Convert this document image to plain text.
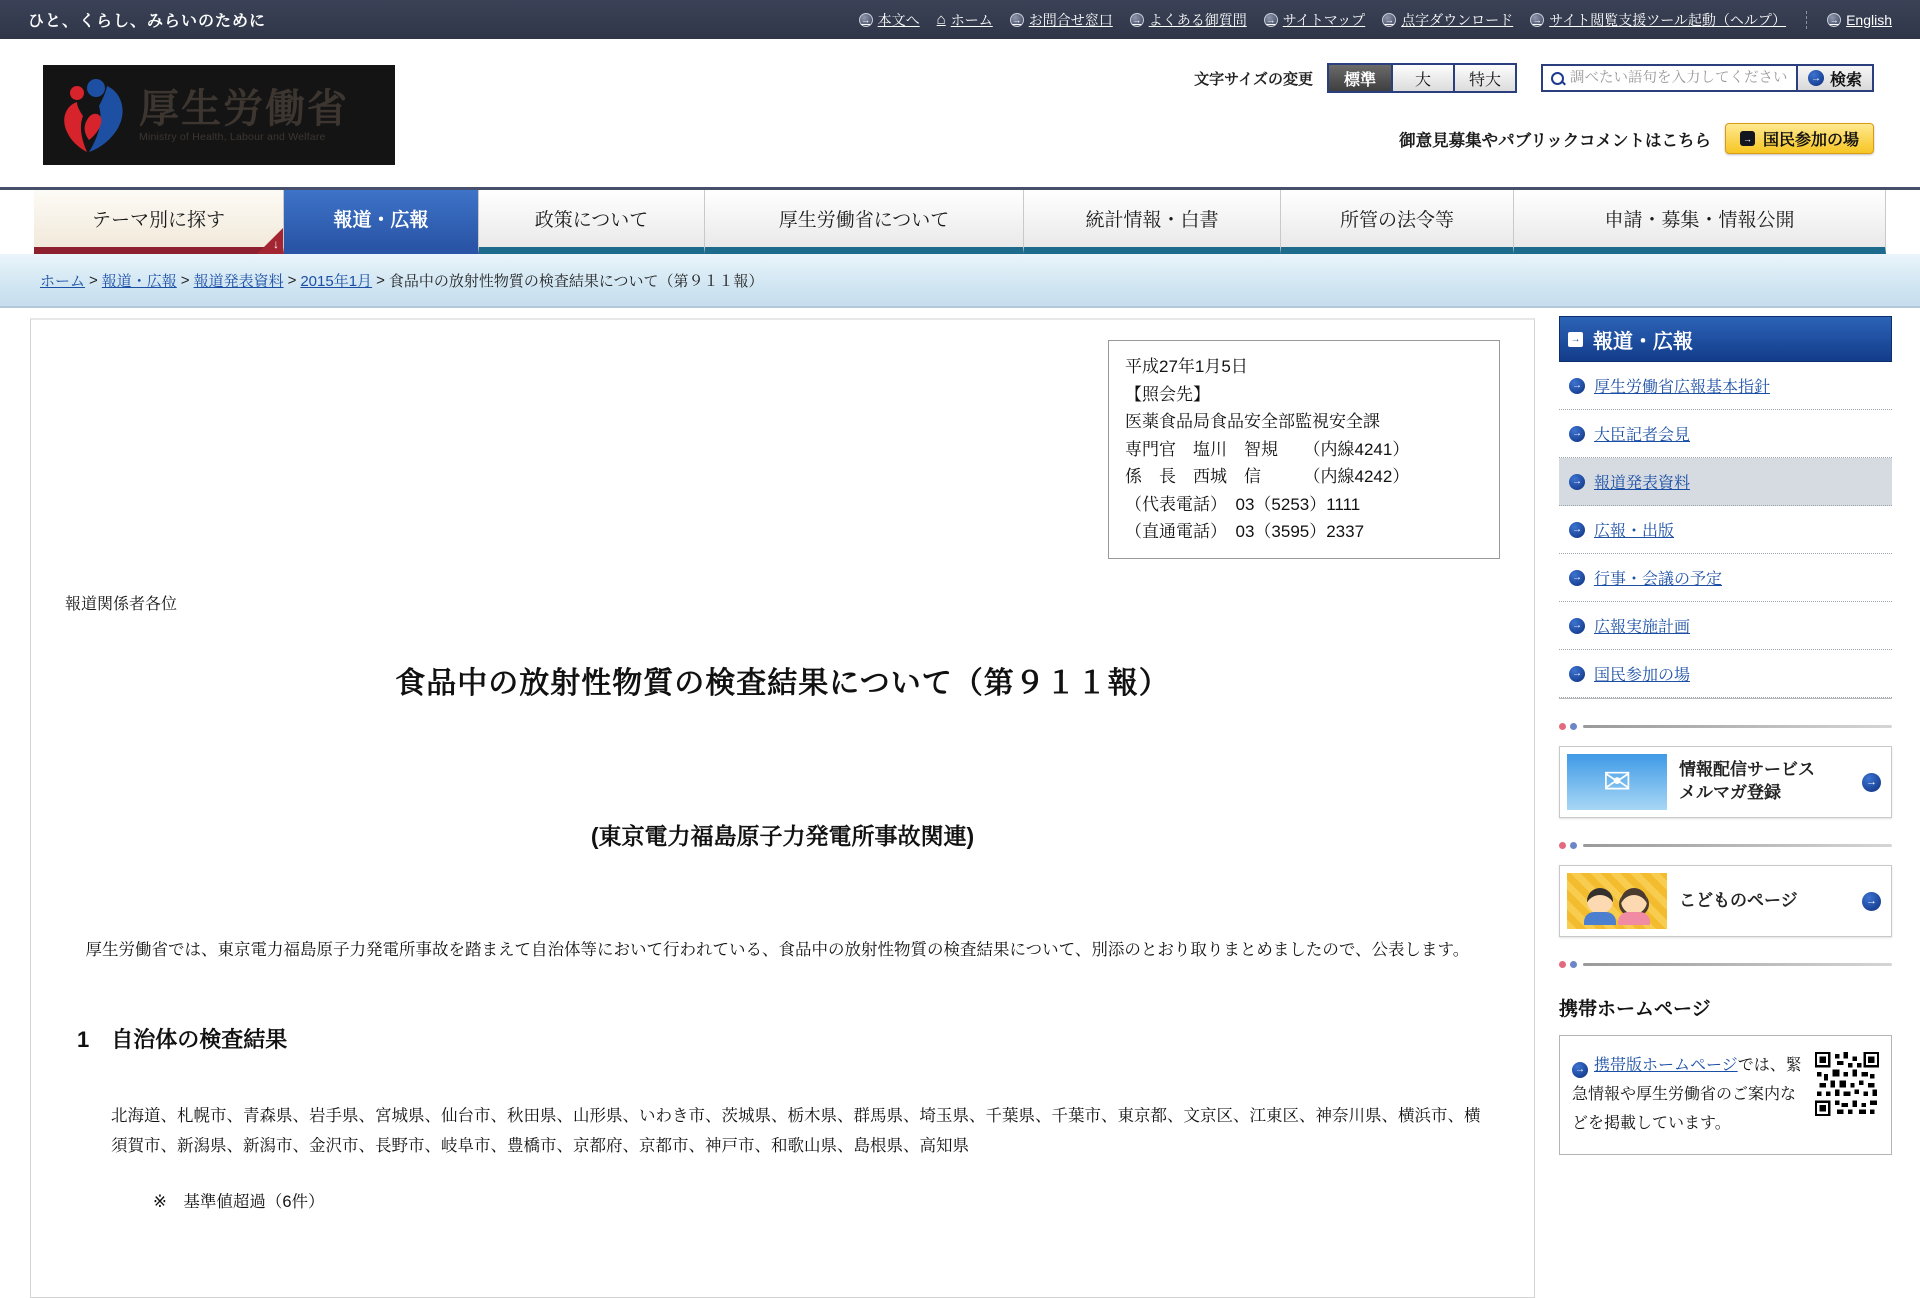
ひと、くらし、みらいのために	→ 本文へ ⌂ ホーム → お問合せ窓口 → よくある御質問 → サイトマップ → 点字ダウンロード → サイト閲覧支援ツール起動（ヘルプ）	→ English
厚生労働省
Ministry of Health, Labour and Welfare
文字サイズの変更	標準	大	特大
調べたい語句を入力してください	→ 検索
御意見募集やパブリックコメントはこちら	→ 国民参加の場
テーマ別に探す
↓
報道・広報	政策について	厚生労働省について	統計情報・白書	所管の法令等	申請・募集・情報公開
ホーム > 報道・広報 > 報道発表資料 > 2015年1月 > 食品中の放射性物質の検査結果について（第９１１報）
平成27年1月5日
【照会先】
医薬食品局食品安全部監視安全課
専門官　塩川　智規　　（内線4241）
係　長　西城　信　　　（内線4242）
（代表電話）　03（5253）1111
（直通電話）　03（3595）2337
報道関係者各位
食品中の放射性物質の検査結果について（第９１１報）
(東京電力福島原子力発電所事故関連)
厚生労働省では、東京電力福島原子力発電所事故を踏まえて自治体等において行われている、食品中の放射性物質の検査結果について、別添のとおり取りまとめましたので、公表します。
1　自治体の検査結果
北海道、札幌市、青森県、岩手県、宮城県、仙台市、秋田県、山形県、いわき市、茨城県、栃木県、群馬県、埼玉県、千葉県、千葉市、東京都、文京区、江東区、神奈川県、横浜市、横須賀市、新潟県、新潟市、金沢市、長野市、岐阜市、豊橋市、京都府、京都市、神戸市、和歌山県、島根県、高知県
※　基準値超過（6件）
→ 報道・広報
→ 厚生労働省広報基本指針
→ 大臣記者会見
→ 報道発表資料
→ 広報・出版
→ 行事・会議の予定
→ 広報実施計画
→ 国民参加の場
✉	情報配信サービス
メルマガ登録
→
こどものページ	→
携帯ホームページ
→ 携帯版ホームページでは、緊急情報や厚生労働省のご案内などを掲載しています。
